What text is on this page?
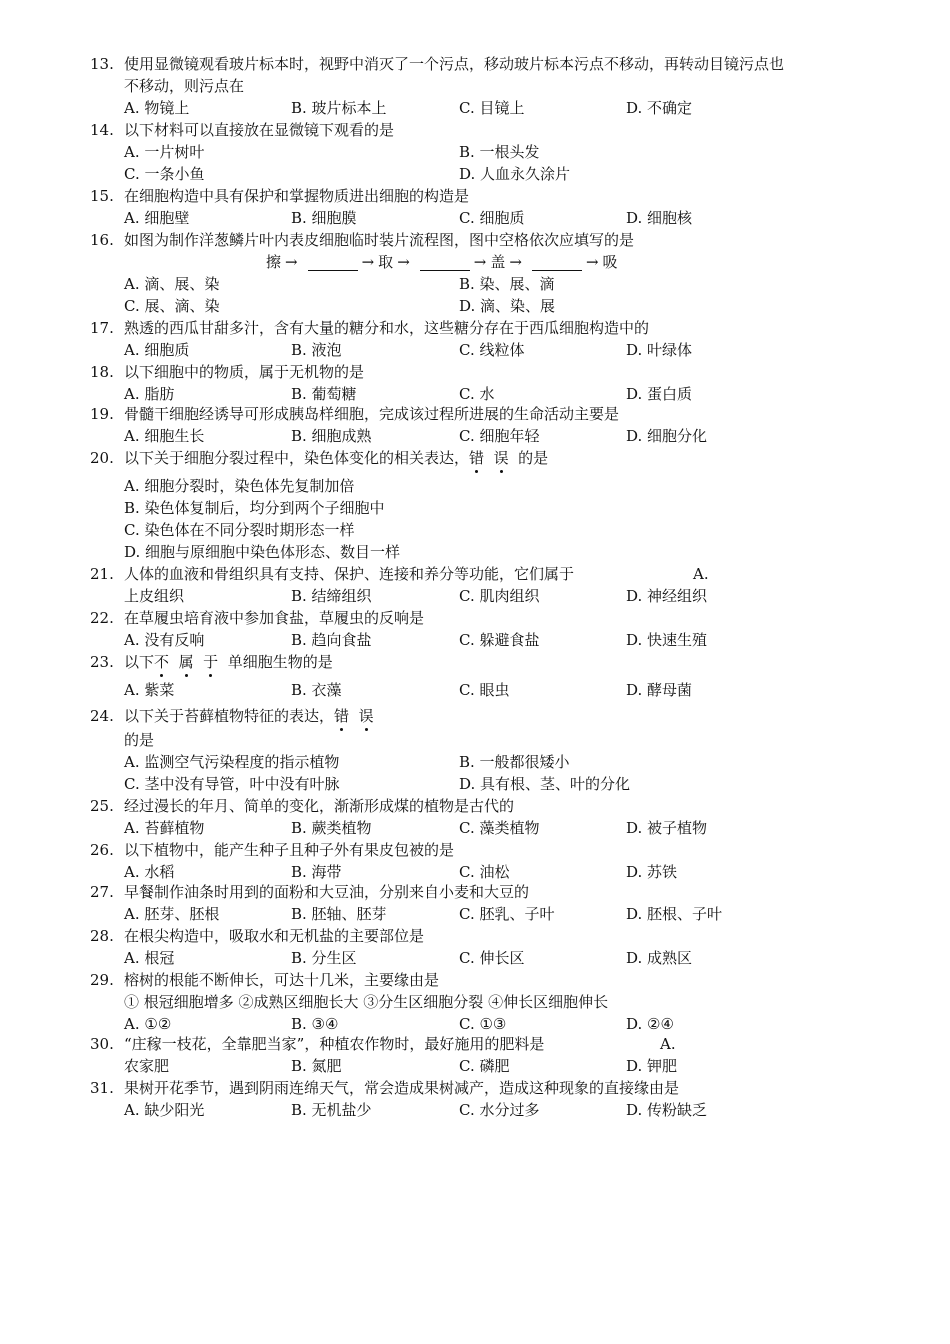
13. 使用显微镜观看玻片标本时，视野中消灭了一个污点，移动玻片标本污点不移动，再转动目镜污点也
不移动，则污点在
A. 物镜上	B. 玻片标本上	C. 目镜上	D. 不确定
14. 以下材料可以直接放在显微镜下观看的是
A. 一片树叶	B. 一根头发
C. 一条小鱼	D. 人血永久涂片
15. 在细胞构造中具有保护和掌握物质进出细胞的构造是
A. 细胞壁	B. 细胞膜	C. 细胞质	D. 细胞核
16. 如图为制作洋葱鳞片叶内表皮细胞临时装片流程图，图中空格依次应填写的是
擦 →	→ 取 →	→ 盖 →	→ 吸
A. 滴、展、染	B. 染、展、滴
C. 展、滴、染	D. 滴、染、展
17. 熟透的西瓜甘甜多汁，含有大量的糖分和水，这些糖分存在于西瓜细胞构造中的
A. 细胞质	B. 液泡	C. 线粒体	D. 叶绿体
18. 以下细胞中的物质，属于无机物的是
A. 脂肪	B. 葡萄糖	C. 水	D. 蛋白质
19. 骨髓干细胞经诱导可形成胰岛样细胞，完成该过程所进展的生命活动主要是
A. 细胞生长	B. 细胞成熟	C. 细胞年轻	D. 细胞分化
20. 以下关于细胞分裂过程中，染色体变化的相关表达，错 误 的是
A. 细胞分裂时，染色体先复制加倍
B. 染色体复制后，均分到两个子细胞中
C. 染色体在不同分裂时期形态一样
D. 细胞与原细胞中染色体形态、数目一样
21. 人体的血液和骨组织具有支持、保护、连接和养分等功能，它们属于	A.
上皮组织	B. 结缔组织	C. 肌肉组织	D. 神经组织
22. 在草履虫培育液中参加食盐，草履虫的反响是
A. 没有反响	B. 趋向食盐	C. 躲避食盐	D. 快速生殖
23. 以下不 属 于 单细胞生物的是
A. 紫菜	B. 衣藻	C. 眼虫	D. 酵母菌
24. 以下关于苔藓植物特征的表达，错 误
的是
A. 监测空气污染程度的指示植物	B. 一般都很矮小
C. 茎中没有导管，叶中没有叶脉	D. 具有根、茎、叶的分化
25. 经过漫长的年月、简单的变化，渐渐形成煤的植物是古代的
A. 苔藓植物	B. 蕨类植物	C. 藻类植物	D. 被子植物
26. 以下植物中，能产生种子且种子外有果皮包被的是
A. 水稻	B. 海带	C. 油松	D. 苏铁
27. 早餐制作油条时用到的面粉和大豆油，分别来自小麦和大豆的
A. 胚芽、胚根	B. 胚轴、胚芽	C. 胚乳、子叶	D. 胚根、子叶
28. 在根尖构造中，吸取水和无机盐的主要部位是
A. 根冠	B. 分生区	C. 伸长区	D. 成熟区
29. 榕树的根能不断伸长，可达十几米，主要缘由是
① 根冠细胞增多 ②成熟区细胞长大 ③分生区细胞分裂 ④伸长区细胞伸长
A. ①②	B. ③④	C. ①③	D. ②④
30. “庄稼一枝花，全靠肥当家”，种植农作物时，最好施用的肥料是	A.
农家肥	B. 氮肥	C. 磷肥	D. 钾肥
31. 果树开花季节，遇到阴雨连绵天气，常会造成果树减产，造成这种现象的直接缘由是
A. 缺少阳光	B. 无机盐少	C. 水分过多	D. 传粉缺乏
